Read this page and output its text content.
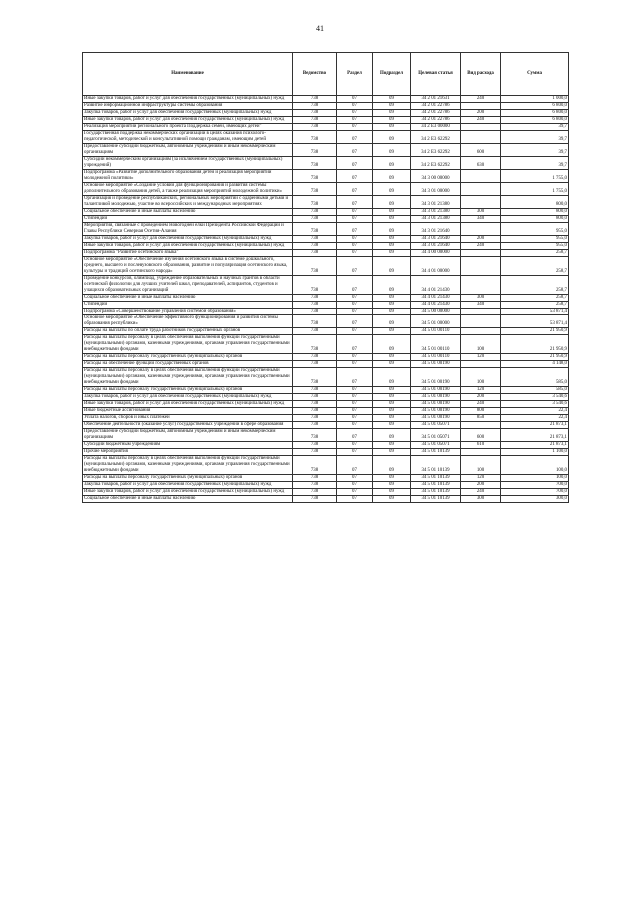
41
Наименование	Ведомство	Раздел	Подраздел	Целевая статья	Вид расхода	Сумма
Иные закупки товаров, работ и услуг для обеспечения государственных (муниципальных) нужд	738	07	09	34 2 01 21631	240	1 000,0
Развитие информационной инфраструктуры системы образования	738	07	09	34 2 01 22786		6 800,0
Закупка товаров, работ и услуг для обеспечения государственных (муниципальных) нужд	738	07	09	34 2 01 22786	200	6 800,0
Иные закупки товаров, работ и услуг для обеспечения государственных (муниципальных) нужд	738	07	09	34 2 01 22786	240	6 800,0
Реализация мероприятий регионального проекта Поддержка семей, имеющих детей"	738	07	09	34 2 E3 00000		39,7
Государственная поддержка некоммерческих организаций в целях оказания психолого-педагогической, методической и консультативной помощи гражданам, имеющим детей	738	07	09	34 2 E3 62292		39,7
Предоставление субсидий бюджетным, автономным учреждениям и иным некоммерческим организациям	738	07	09	34 2 E3 62292	600	39,7
Субсидии некоммерческим организациям (за исключением государственных (муниципальных) учреждений)	738	07	09	34 2 E3 62292	630	39,7
Подпрограмма «Развитие дополнительного образования детей и реализация мероприятий молодежной политики»	738	07	09	34 3 00 00000		1 755,0
Основное мероприятие «Создание условий для функционирования и развития системы дополнительного образования детей, а также реализация мероприятий молодежной политики»	738	07	09	34 3 01 00000		1 755,0
Организация и проведение республиканских, региональных мероприятий с одаренными детьми и талантливой молодежью, участие во всероссийских и международных мероприятиях	738	07	09	34 3 01 21380		800,0
Социальное обеспечение и иные выплаты населению	738	07	09	34 3 01 21380	300	800,0
Стипендии	738	07	09	34 3 01 21380	340	800,0
Мероприятия, связанные с проведением Новогодней елки Президента Российской Федерации и Главы Республики Северная Осетия-Алания	738	07	09	34 3 01 21640		955,0
Закупка товаров, работ и услуг для обеспечения государственных (муниципальных) нужд	738	07	09	34 3 01 21640	200	955,0
Иные закупки товаров, работ и услуг для обеспечения государственных (муниципальных) нужд	738	07	09	34 3 01 21640	240	955,0
Подпрограмма "Развитие осетинского языка"	738	07	09	34 4 00 00000		258,7
Основное мероприятие «Обеспечение изучения осетинского языка в системе дошкольного, среднего, высшего и послевузовского образования, развитие и популяризация осетинского языка, культуры и традиций осетинского народа»	738	07	09	34 4 01 00000		258,7
Проведение конкурсов, олимпиад, учреждение образовательных и научных грантов в области осетинской филологии для лучших учителей школ, преподавателей, аспирантов, студентов и учащихся образовательных организаций	738	07	09	34 4 01 21430		258,7
Социальное обеспечение и иные выплаты населению	738	07	09	34 4 01 21430	300	258,7
Стипендии	738	07	09	34 4 01 21430	340	258,7
Подпрограмма «Совершенствование управления системой образования»	738	07	09	34 5 00 00000		53 871,4
Основное мероприятие «Обеспечение эффективного функционирования и развития системы образования республики»	738	07	09	34 5 01 00000		53 871,4
Расходы на выплаты по оплате труда работников государственных органов	738	07	09	34 5 01 00110		21 950,9
Расходы на выплаты персоналу в целях обеспечения выполнения функций государственными (муниципальными) органами, казенными учреждениями, органами управления государственными внебюджетными фондами	738	07	09	34 5 01 00110	100	21 950,9
Расходы на выплаты персоналу государственных (муниципальных) органов	738	07	09	34 5 01 00110	120	21 950,9
Расходы на обеспечение функций государственных органов	738	07	09	34 5 01 00190		4 148,0
Расходы на выплаты персоналу в целях обеспечения выполнения функций государственными (муниципальными) органами, казенными учреждениями, органами управления государственными внебюджетными фондами	738	07	09	34 5 01 00190	100	585,0
Расходы на выплаты персоналу государственных (муниципальных) органов	738	07	09	34 5 01 00190	120	585,0
Закупка товаров, работ и услуг для обеспечения государственных (муниципальных) нужд	738	07	09	34 5 01 00190	200	3 540,6
Иные закупки товаров, работ и услуг для обеспечения государственных (муниципальных) нужд	738	07	09	34 5 01 00190	240	3 540,6
Иные бюджетные ассигнования	738	07	09	34 5 01 00190	800	22,4
Уплата налогов, сборов и иных платежей	738	07	09	34 5 01 00190	850	22,4
Обеспечение деятельности (оказание услуг) государственных учреждений в сфере образования	738	07	09	34 5 01 05071		21 873,1
Предоставление субсидий бюджетным, автономным учреждениям и иным некоммерческим организациям	738	07	09	34 5 01 05071	600	21 873,1
Субсидии бюджетным учреждениям	738	07	09	34 5 01 05071	610	21 873,1
Прочие мероприятия	738	07	09	34 5 01 10139		1 100,0
Расходы на выплаты персоналу в целях обеспечения выполнения функций государственными (муниципальными) органами, казенными учреждениями, органами управления государственными внебюджетными фондами	738	07	09	34 5 01 10139	100	100,0
Расходы на выплаты персоналу государственных (муниципальных) органов	738	07	09	34 5 01 10139	120	100,0
Закупка товаров, работ и услуг для обеспечения государственных (муниципальных) нужд	738	07	09	34 5 01 10139	200	700,0
Иные закупки товаров, работ и услуг для обеспечения государственных (муниципальных) нужд	738	07	09	34 5 01 10139	240	700,0
Социальное обеспечение и иные выплаты населению	738	07	09	34 5 01 10139	300	300,0
